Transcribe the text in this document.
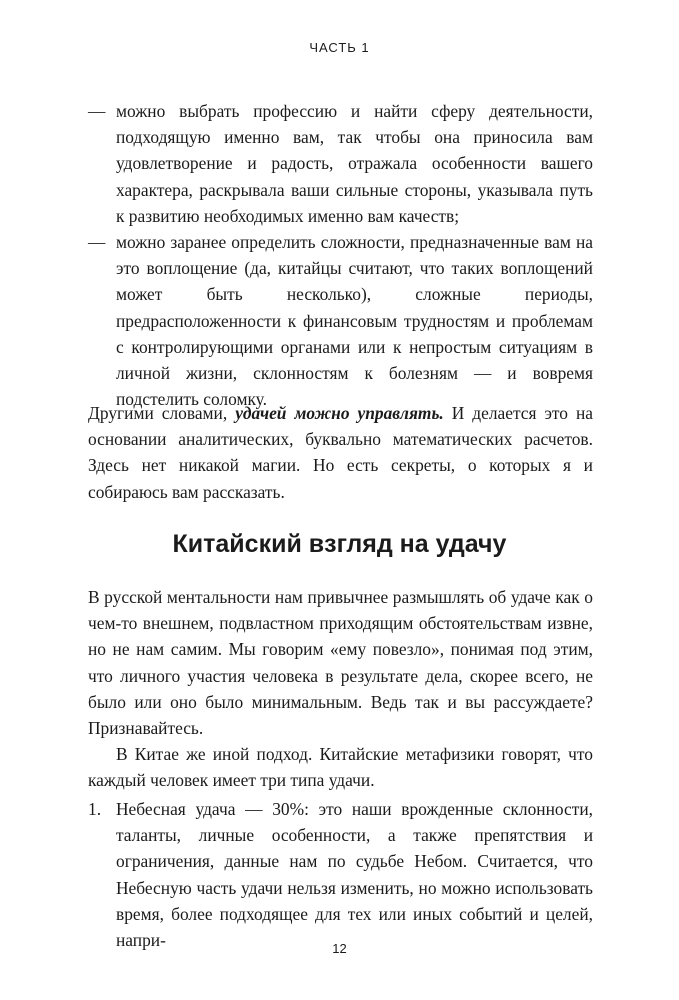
ЧАСТЬ 1

— можно выбрать профессию и найти сферу деятельности, подходящую именно вам, так чтобы она приносила вам удовлетворение и радость, отражала особенности вашего характера, раскрывала ваши сильные стороны, указывала путь к развитию необходимых именно вам качеств;

— можно заранее определить сложности, предназначенные вам на это воплощение (да, китайцы считают, что таких воплощений может быть несколько), сложные периоды, предрасположенности к финансовым трудностям и проблемам с контролирующими органами или к непростым ситуациям в личной жизни, склонностям к болезням — и вовремя подстелить соломку.

Другими словами, удачей можно управлять. И делается это на основании аналитических, буквально математических расчетов. Здесь нет никакой магии. Но есть секреты, о которых я и собираюсь вам рассказать.

Китайский взгляд на удачу

В русской ментальности нам привычнее размышлять об удаче как о чем-то внешнем, подвластном приходящим обстоятельствам извне, но не нам самим. Мы говорим «ему повезло», понимая под этим, что личного участия человека в результате дела, скорее всего, не было или оно было минимальным. Ведь так и вы рассуждаете? Признавайтесь.

В Китае же иной подход. Китайские метафизики говорят, что каждый человек имеет три типа удачи.

1. Небесная удача — 30%: это наши врожденные склонности, таланты, личные особенности, а также препятствия и ограничения, данные нам по судьбе Небом. Считается, что Небесную часть удачи нельзя изменить, но можно использовать время, более подходящее для тех или иных событий и целей, напри-	12
